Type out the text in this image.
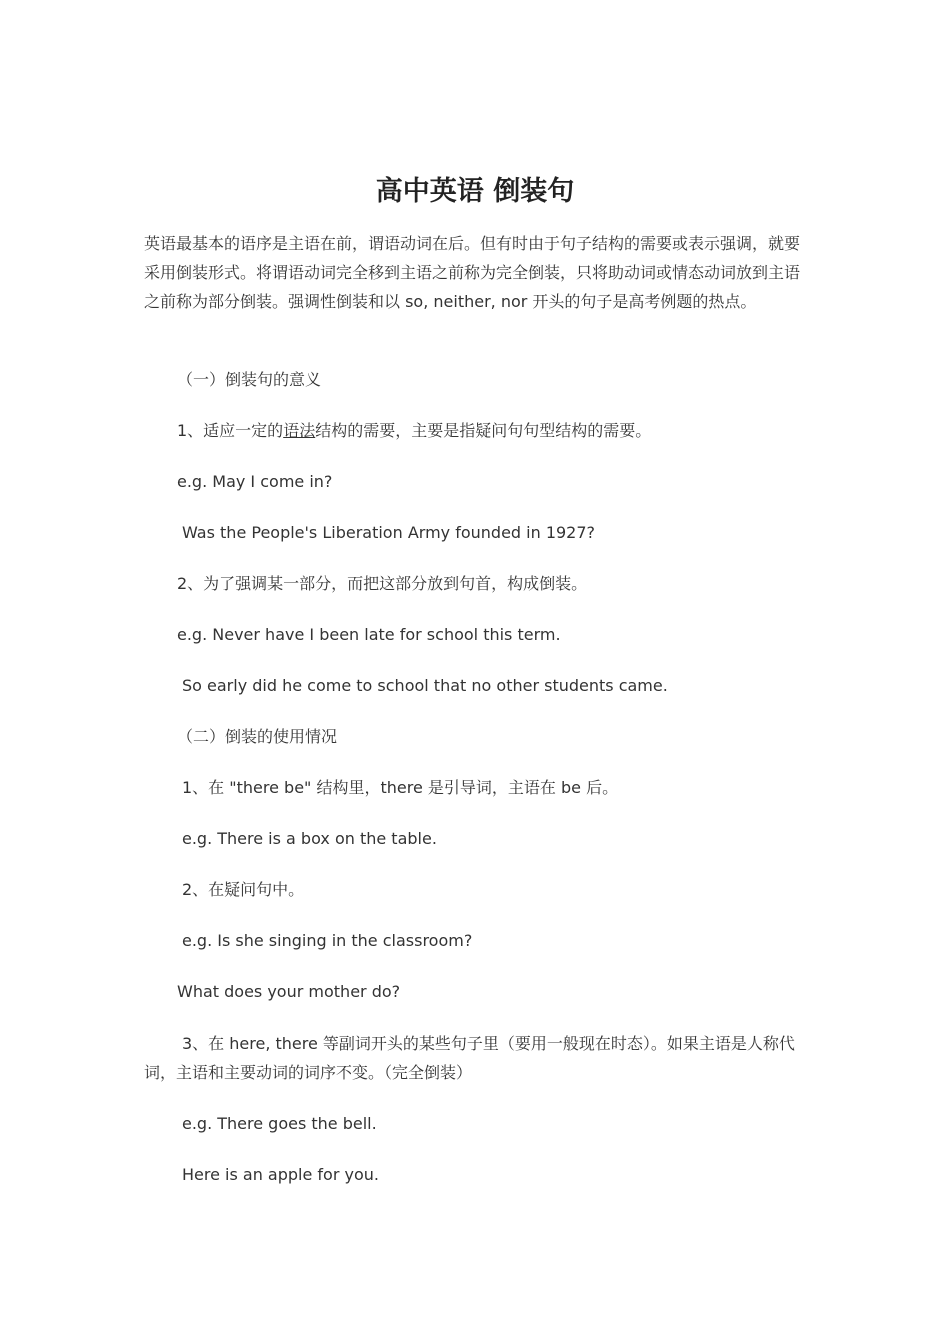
高中英语 倒装句

英语最基本的语序是主语在前，谓语动词在后。但有时由于句子结构的需要或表示强调，就要采用倒装形式。将谓语动词完全移到主语之前称为完全倒装，只将助动词或情态动词放到主语之前称为部分倒装。强调性倒装和以 so, neither, nor 开头的句子是高考例题的热点。

（一）倒装句的意义

1、适应一定的语法结构的需要，主要是指疑问句句型结构的需要。

e.g. May I come in?

Was the People's Liberation Army founded in 1927?

2、为了强调某一部分，而把这部分放到句首，构成倒装。

e.g. Never have I been late for school this term.

So early did he come to school that no other students came.

（二）倒装的使用情况

1、在 "there be" 结构里，there 是引导词，主语在 be 后。

e.g. There is a box on the table.

2、在疑问句中。

e.g. Is she singing in the classroom?

What does your mother do?

3、在 here, there 等副词开头的某些句子里（要用一般现在时态）。如果主语是人称代词，主语和主要动词的词序不变。（完全倒装）

e.g. There goes the bell.

Here is an apple for you.
